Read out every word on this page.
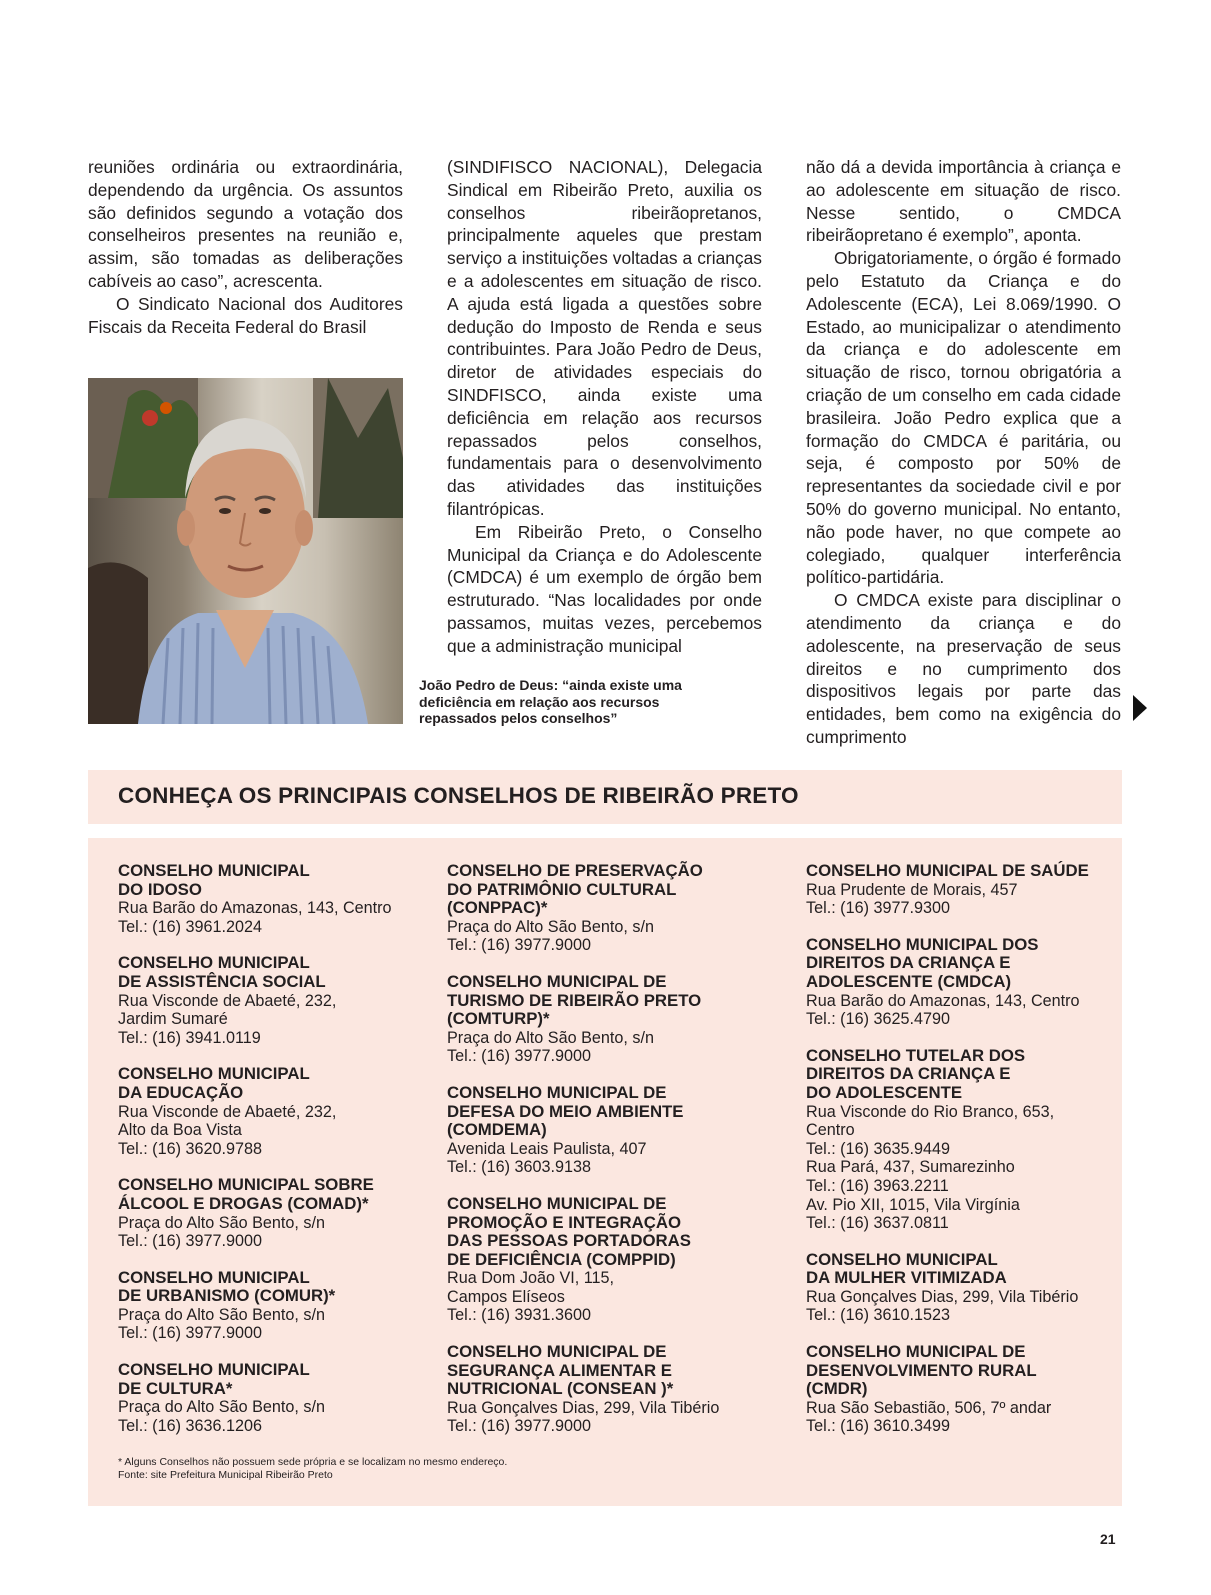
reuniões ordinária ou extraordinária, dependendo da urgência. Os assuntos são definidos segundo a votação dos conselheiros presentes na reunião e, assim, são tomadas as deliberações cabíveis ao caso”, acrescenta.

O Sindicato Nacional dos Auditores Fiscais da Receita Federal do Brasil

(SINDIFISCO NACIONAL), Delegacia Sindical em Ribeirão Preto, auxilia os conselhos ribeirãopretanos, principalmente aqueles que prestam serviço a instituições voltadas a crianças e a adolescentes em situação de risco. A ajuda está ligada a questões sobre dedução do Imposto de Renda e seus contribuintes. Para João Pedro de Deus, diretor de atividades especiais do SINDFISCO, ainda existe uma deficiência em relação aos recursos repassados pelos conselhos, fundamentais para o desenvolvimento das atividades das instituições filantrópicas.

Em Ribeirão Preto, o Conselho Municipal da Criança e do Adolescente (CMDCA) é um exemplo de órgão bem estruturado. “Nas localidades por onde passamos, muitas vezes, percebemos que a administração municipal

não dá a devida importância à criança e ao adolescente em situação de risco. Nesse sentido, o CMDCA ribeirãopretano é exemplo”, aponta.

Obrigatoriamente, o órgão é formado pelo Estatuto da Criança e do Adolescente (ECA), Lei 8.069/1990. O Estado, ao municipalizar o atendimento da criança e do adolescente em situação de risco, tornou obrigatória a criação de um conselho em cada cidade brasileira. João Pedro explica que a formação do CMDCA é paritária, ou seja, é composto por 50% de representantes da sociedade civil e por 50% do governo municipal. No entanto, não pode haver, no que compete ao colegiado, qualquer interferência político-partidária.

O CMDCA existe para disciplinar o atendimento da criança e do adolescente, na preservação de seus direitos e no cumprimento dos dispositivos legais por parte das entidades, bem como na exigência do cumprimento

João Pedro de Deus: “ainda existe uma deficiência em relação aos recursos repassados pelos conselhos”
CONHEÇA OS PRINCIPAIS CONSELHOS DE RIBEIRÃO PRETO
CONSELHO MUNICIPAL
DO IDOSO
Rua Barão do Amazonas, 143, Centro
Tel.: (16) 3961.2024
CONSELHO MUNICIPAL
DE ASSISTÊNCIA SOCIAL
Rua Visconde de Abaeté, 232,
Jardim Sumaré
Tel.: (16) 3941.0119
CONSELHO MUNICIPAL
DA EDUCAÇÃO
Rua Visconde de Abaeté, 232,
Alto da Boa Vista
Tel.: (16) 3620.9788
CONSELHO MUNICIPAL SOBRE
ÁLCOOL E DROGAS (COMAD)*
Praça do Alto São Bento, s/n
Tel.: (16) 3977.9000
CONSELHO MUNICIPAL
DE URBANISMO (COMUR)*
Praça do Alto São Bento, s/n
Tel.: (16) 3977.9000
CONSELHO MUNICIPAL
DE CULTURA*
Praça do Alto São Bento, s/n
Tel.: (16) 3636.1206
CONSELHO DE PRESERVAÇÃO
DO PATRIMÔNIO CULTURAL
(CONPPAC)*
Praça do Alto São Bento, s/n
Tel.: (16) 3977.9000
CONSELHO MUNICIPAL DE
TURISMO DE RIBEIRÃO PRETO
(COMTURP)*
Praça do Alto São Bento, s/n
Tel.: (16) 3977.9000
CONSELHO MUNICIPAL DE
DEFESA DO MEIO AMBIENTE
(COMDEMA)
Avenida Leais Paulista, 407
Tel.: (16) 3603.9138
CONSELHO MUNICIPAL DE
PROMOÇÃO E INTEGRAÇÃO
DAS PESSOAS PORTADORAS
DE DEFICIÊNCIA (COMPPID)
Rua Dom João VI, 115,
Campos Elíseos
Tel.: (16) 3931.3600
CONSELHO MUNICIPAL DE
SEGURANÇA ALIMENTAR E
NUTRICIONAL (CONSEAN )*
Rua Gonçalves Dias, 299, Vila Tibério
Tel.: (16) 3977.9000
CONSELHO MUNICIPAL DE SAÚDE
Rua Prudente de Morais, 457
Tel.: (16) 3977.9300
CONSELHO MUNICIPAL DOS
DIREITOS DA CRIANÇA E
ADOLESCENTE (CMDCA)
Rua Barão do Amazonas, 143, Centro
Tel.: (16) 3625.4790
CONSELHO TUTELAR DOS
DIREITOS DA CRIANÇA E
DO ADOLESCENTE
Rua Visconde do Rio Branco, 653,
Centro
Tel.: (16) 3635.9449
Rua Pará, 437, Sumarezinho
Tel.: (16) 3963.2211
Av. Pio XII, 1015, Vila Virgínia
Tel.: (16) 3637.0811
CONSELHO MUNICIPAL
DA MULHER VITIMIZADA
Rua Gonçalves Dias, 299, Vila Tibério
Tel.: (16) 3610.1523
CONSELHO MUNICIPAL DE
DESENVOLVIMENTO RURAL
(CMDR)
Rua São Sebastião, 506, 7º andar
Tel.: (16) 3610.3499
* Alguns Conselhos não possuem sede própria e se localizam no mesmo endereço.
Fonte: site Prefeitura Municipal Ribeirão Preto
21
